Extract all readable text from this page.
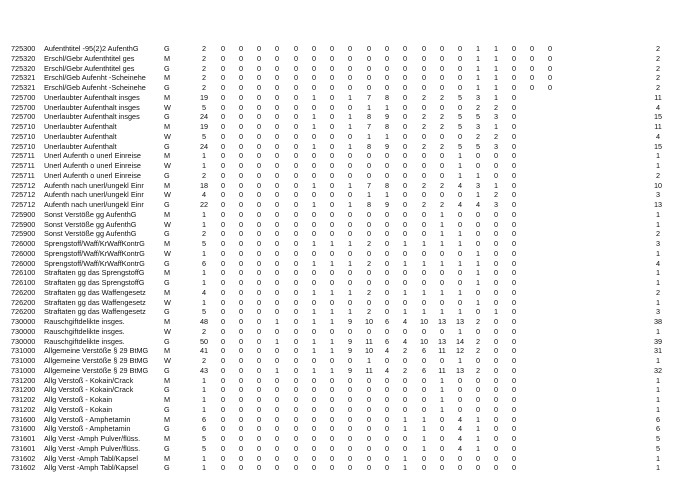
725300 Aufenthtitel -95(2)2 AufenthG	G	2	0	0	0	0	0	0	0	0	0	0	0	0	0	0	1	1	0	0	0	2
725320 Erschl/Gebr Aufenthtitel ges	M	2	0	0	0	0	0	0	0	0	0	0	0	0	0	0	1	1	0	0	0	2
725320 Erschl/Gebr Aufenthtitel ges	G	2	0	0	0	0	0	0	0	0	0	0	0	0	0	0	1	1	0	0	0	2
725321 Erschl/Geb Aufenht -Scheinehe M	2	0	0	0	0	0	0	0	0	0	0	0	0	0	0	1	1	0	0	0	2
725321 Erschl/Geb Aufenht -Scheinehe G	2	0	0	0	0	0	0	0	0	0	0	0	0	0	0	1	1	0	0	0	2
725700 Unerlaubter Aufenthalt insges	M	19	0	0	0	0	0	1	0	1	7	8	0	2	2	5	3	1	0	11
725700 Unerlaubter Aufenthalt insges	W	5	0	0	0	0	0	0	0	0	1	1	0	0	0	0	2	2	0	4
725700 Unerlaubter Aufenthalt insges	G	24	0	0	0	0	0	1	0	1	8	9	0	2	2	5	5	3	0	15
725710 Unerlaubter Aufenthalt	M	19	0	0	0	0	0	1	0	1	7	8	0	2	2	5	3	1	0	11
725710 Unerlaubter Aufenthalt	W	5	0	0	0	0	0	0	0	0	1	1	0	0	0	0	2	2	0	4
725710 Unerlaubter Aufenthalt	G	24	0	0	0	0	0	1	0	1	8	9	0	2	2	5	5	3	0	15
725711 Unerl Aufenth o unerl Einreise	M	1	0	0	0	0	0	0	0	0	0	0	0	0	0	1	0	0	0	1
725711 Unerl Aufenth o unerl Einreise	W	1	0	0	0	0	0	0	0	0	0	0	0	0	0	1	0	0	0	1
725711 Unerl Aufenth o unerl Einreise	G	2	0	0	0	0	0	0	0	0	0	0	0	0	0	1	1	0	0	2
725712 Aufenth nach unerl/ungekl Einr	M	18	0	0	0	0	0	1	0	1	7	8	0	2	2	4	3	1	0	10
725712 Aufenth nach unerl/ungekl Einr	W	4	0	0	0	0	0	0	0	0	1	1	0	0	0	0	1	2	0	3
725712 Aufenth nach unerl/ungekl Einr	G	22	0	0	0	0	0	1	0	1	8	9	0	2	2	4	4	3	0	13
725900 Sonst Verstöße gg AufenthG	M	1	0	0	0	0	0	0	0	0	0	0	0	0	1	0	0	0	0	1
725900 Sonst Verstöße gg AufenthG	W	1	0	0	0	0	0	0	0	0	0	0	0	0	1	0	0	0	0	1
725900 Sonst Verstöße gg AufenthG	G	2	0	0	0	0	0	0	0	0	0	0	0	0	1	1	0	0	0	2
726000 Sprengstoff/Waff/KrWaffKontrG	M	5	0	0	0	0	0	1	1	1	2	0	1	1	1	1	0	0	0	3
726000 Sprengstoff/Waff/KrWaffKontrG	W	1	0	0	0	0	0	0	0	0	0	0	0	0	0	0	1	0	0	1
726000 Sprengstoff/Waff/KrWaffKontrG	G	6	0	0	0	0	0	1	1	1	2	0	1	1	1	1	1	0	0	4
726100 Straftaten gg das SprengstoffG	M	1	0	0	0	0	0	0	0	0	0	0	0	0	0	0	1	0	0	1
726100 Straftaten gg das SprengstoffG	G	1	0	0	0	0	0	0	0	0	0	0	0	0	0	0	1	0	0	1
726200 Straftaten gg das Waffengesetz M	4	0	0	0	0	0	1	1	1	2	0	1	1	1	1	0	0	0	2
726200 Straftaten gg das Waffengesetz W	1	0	0	0	0	0	0	0	0	0	0	0	0	0	0	1	0	0	1
726200 Straftaten gg das Waffengesetz G	5	0	0	0	0	0	1	1	1	2	0	1	1	1	1	0	1	0	3
730000 Rauschgiftdelikte insges.	M	48	0	0	0	1	0	1	1	9	10	6	4	10	13	13	2	0	0	38
730000 Rauschgiftdelikte insges.	W	2	0	0	0	0	0	0	0	0	0	0	0	0	0	1	0	0	0	1
730000 Rauschgiftdelikte insges.	G	50	0	0	0	1	0	1	1	9	11	6	4	10	13	14	2	0	0	39
731000 Allgemeine Verstöße § 29 BtMG M	41	0	0	0	0	0	1	1	9	10	4	2	6	11	12	2	0	0	31
731000 Allgemeine Verstöße § 29 BtMG W	2	0	0	0	0	0	0	0	0	1	0	0	0	0	1	0	0	0	1
731000 Allgemeine Verstöße § 29 BtMG G	43	0	0	0	1	0	1	1	9	11	4	2	6	11	13	2	0	0	32
731200 Allg Verstoß - Kokain/Crack	M	1	0	0	0	0	0	0	0	0	0	0	0	0	1	0	0	0	0	1
731200 Allg Verstoß - Kokain/Crack	G	1	0	0	0	0	0	0	0	0	0	0	0	0	1	0	0	0	0	1
731202 Allg Verstoß - Kokain	M	1	0	0	0	0	0	0	0	0	0	0	0	0	1	0	0	0	0	1
731202 Allg Verstoß - Kokain	G	1	0	0	0	0	0	0	0	0	0	0	0	0	1	0	0	0	0	1
731600 Allg Verstoß - Amphetamin	M	6	0	0	0	0	0	0	0	0	0	0	1	1	0	4	1	0	0	6
731600 Allg Verstoß - Amphetamin	G	6	0	0	0	0	0	0	0	0	0	0	1	1	0	4	1	0	0	6
731601 Allg Verst -Amph Pulver/flüss.	M	5	0	0	0	0	0	0	0	0	0	0	0	1	0	4	1	0	0	5
731601 Allg Verst -Amph Pulver/flüss.	G	5	0	0	0	0	0	0	0	0	0	0	0	1	0	4	1	0	0	5
731602 Allg Verst -Amph Tabl/Kapsel	M	1	0	0	0	0	0	0	0	0	0	0	1	0	0	0	0	0	0	1
731602 Allg Verst -Amph Tabl/Kapsel	G	1	0	0	0	0	0	0	0	0	0	0	1	0	0	0	0	0	0	1
